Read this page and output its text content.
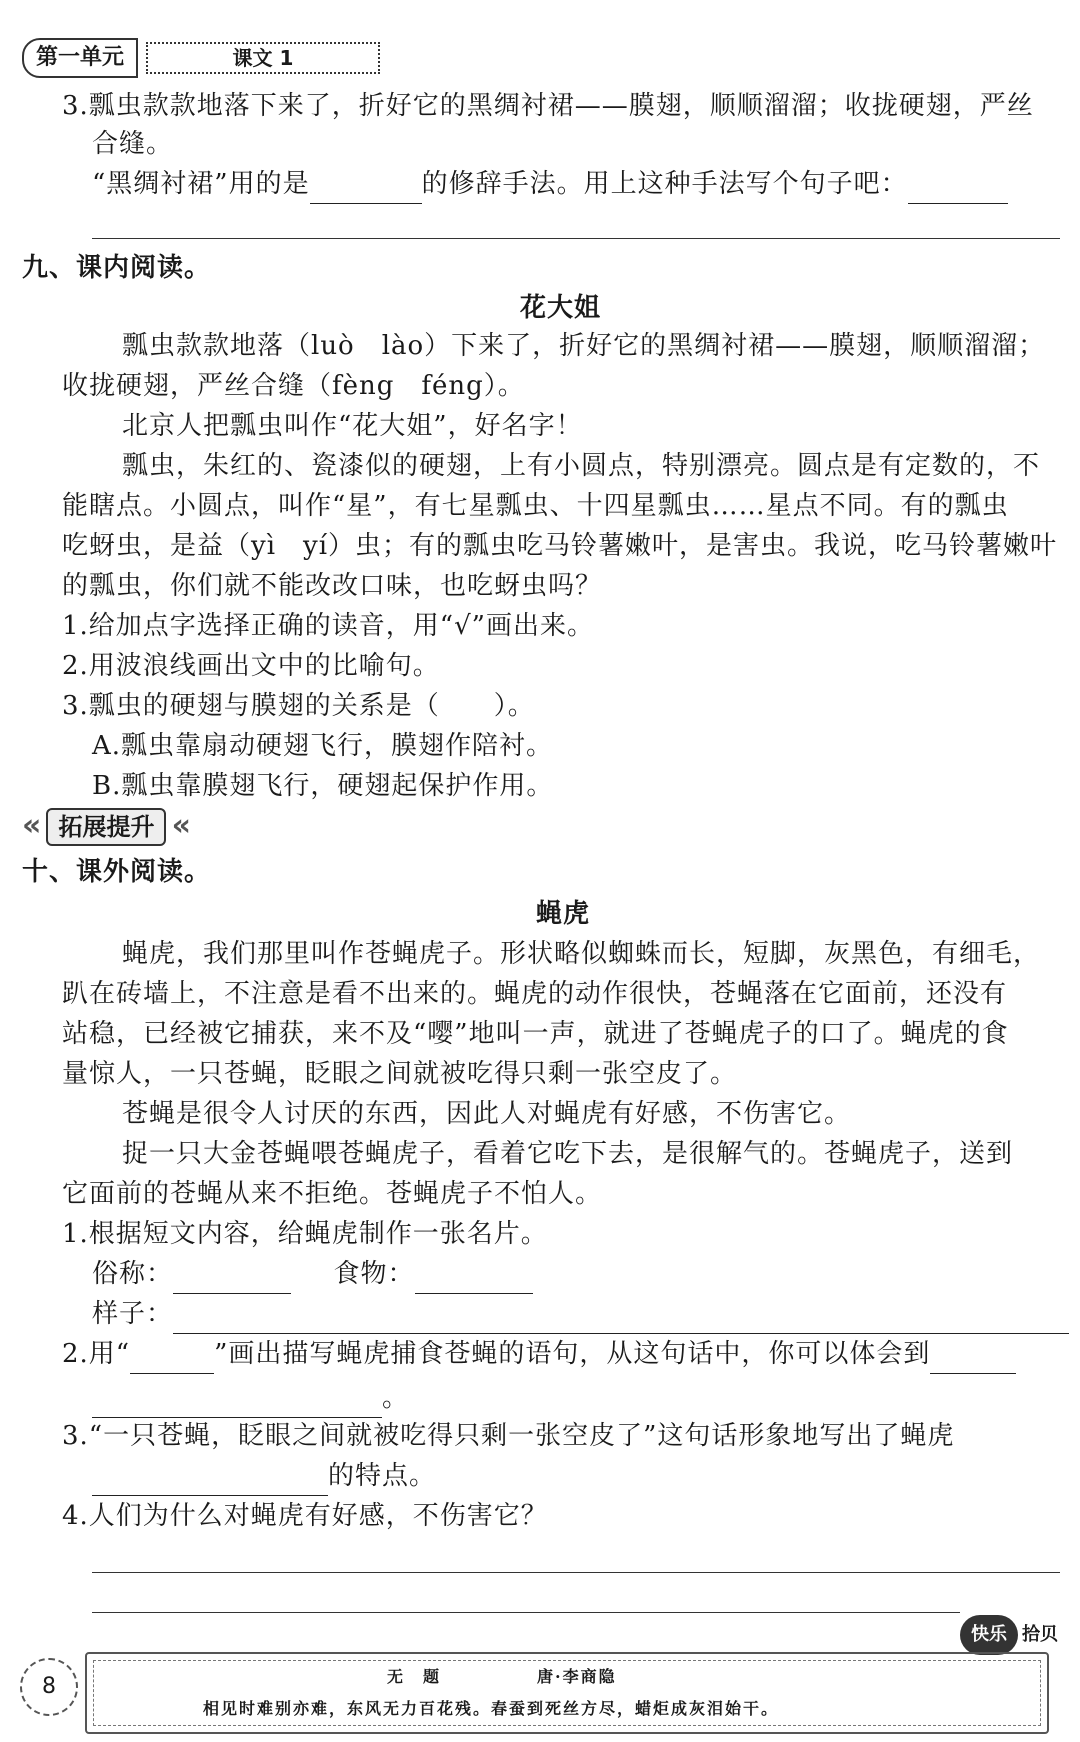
第一单元	课文 1
3.瓢虫款款地落下来了，折好它的黑绸衬裙——膜翅，顺顺溜溜；收拢硬翅，严丝
合缝。
“黑绸衬裙”用的是	的修辞手法。用上这种手法写个句子吧：
九、课内阅读。
花大姐
瓢虫款款地落（luò　lào）下来了，折好它的黑绸衬裙——膜翅，顺顺溜溜；
收拢硬翅，严丝合缝（fèng　féng）。
北京人把瓢虫叫作“花大姐”，好名字！
瓢虫，朱红的、瓷漆似的硬翅，上有小圆点，特别漂亮。圆点是有定数的，不
能瞎点。小圆点，叫作“星”，有七星瓢虫、十四星瓢虫……星点不同。有的瓢虫
吃蚜虫，是益（yì　yí）虫；有的瓢虫吃马铃薯嫩叶，是害虫。我说，吃马铃薯嫩叶
的瓢虫，你们就不能改改口味，也吃蚜虫吗？
1.给加点字选择正确的读音，用“√”画出来。
2.用波浪线画出文中的比喻句。
3.瓢虫的硬翅与膜翅的关系是（　　）。
A.瓢虫靠扇动硬翅飞行，膜翅作陪衬。
B.瓢虫靠膜翅飞行，硬翅起保护作用。
« 拓展提升 «
十、课外阅读。
蝇虎
蝇虎，我们那里叫作苍蝇虎子。形状略似蜘蛛而长，短脚，灰黑色，有细毛，
趴在砖墙上，不注意是看不出来的。蝇虎的动作很快，苍蝇落在它面前，还没有
站稳，已经被它捕获，来不及“嘤”地叫一声，就进了苍蝇虎子的口了。蝇虎的食
量惊人，一只苍蝇，眨眼之间就被吃得只剩一张空皮了。
苍蝇是很令人讨厌的东西，因此人对蝇虎有好感，不伤害它。
捉一只大金苍蝇喂苍蝇虎子，看着它吃下去，是很解气的。苍蝇虎子，送到
它面前的苍蝇从来不拒绝。苍蝇虎子不怕人。
1.根据短文内容，给蝇虎制作一张名片。
俗称：	食物：
样子：
2.用“	”画出描写蝇虎捕食苍蝇的语句，从这句话中，你可以体会到
。
3.“一只苍蝇，眨眼之间就被吃得只剩一张空皮了”这句话形象地写出了蝇虎
的特点。
4.人们为什么对蝇虎有好感，不伤害它？
快乐 拾贝
8	无　题	唐·李商隐
相见时难别亦难，东风无力百花残。春蚕到死丝方尽，蜡炬成灰泪始干。
